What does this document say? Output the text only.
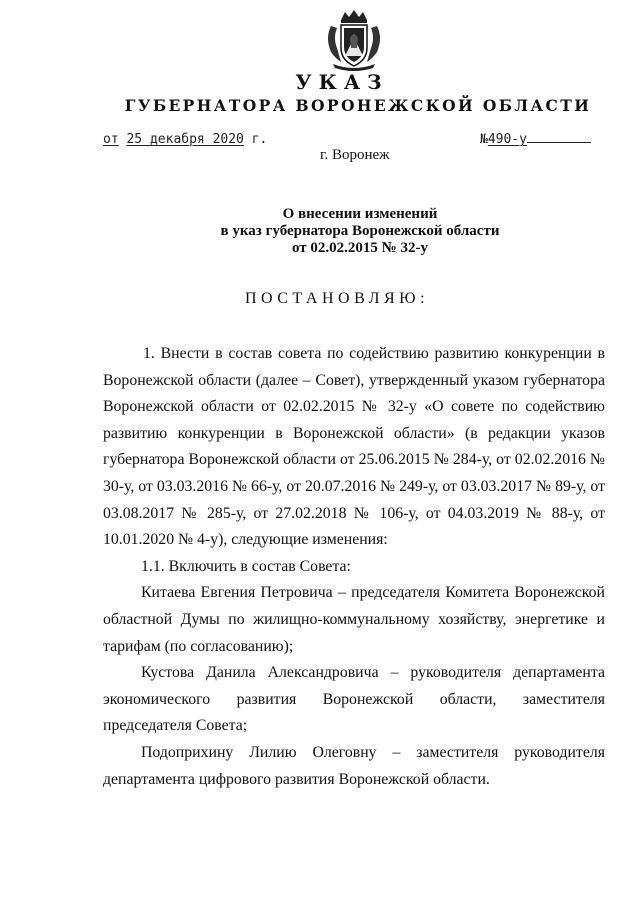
УКАЗ
ГУБЕРНАТОРА ВОРОНЕЖСКОЙ ОБЛАСТИ
от 25 декабря 2020 г.	№490-у
г. Воронеж
О внесении изменений
в указ губернатора Воронежской области
от 02.02.2015 № 32-у
ПОСТАНОВЛЯЮ:

1. Внести в состав совета по содействию развитию конкуренции в Воронежской области (далее – Совет), утвержденный указом губернатора Воронежской области от 02.02.2015 № 32-у «О совете по содействию развитию конкуренции в Воронежской области» (в редакции указов губернатора Воронежской области от 25.06.2015 № 284-у, от 02.02.2016 № 30-у, от 03.03.2016 № 66-у, от 20.07.2016 № 249-у, от 03.03.2017 № 89-у, от 03.08.2017 № 285-у, от 27.02.2018 № 106-у, от 04.03.2019 № 88-у, от 10.01.2020 № 4-у), следующие изменения:

1.1. Включить в состав Совета:

Китаева Евгения Петровича – председателя Комитета Воронежской областной Думы по жилищно-коммунальному хозяйству, энергетике и тарифам (по согласованию);

Кустова Данила Александровича – руководителя департамента экономического развития Воронежской области, заместителя председателя Совета;

Подоприхину Лилию Олеговну – заместителя руководителя департамента цифрового развития Воронежской области.
